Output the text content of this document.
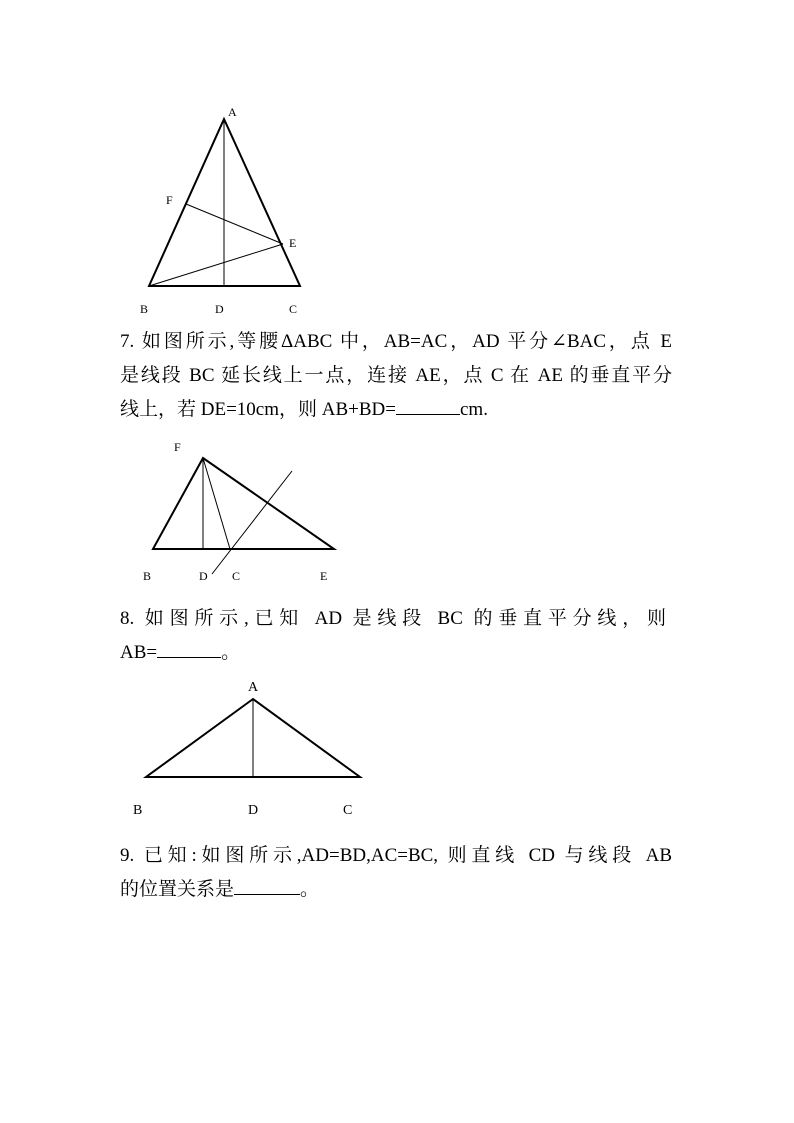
A
F
E
B	D	C
7. 如图所示,等腰ΔABC 中，AB=AC，AD 平分∠BAC，点 E
是线段 BC 延长线上一点，连接 AE，点 C 在 AE 的垂直平分
线上，若 DE=10cm，则 AB+BD=	cm.
F
B	D C	E
8. 如图所示,已知 AD 是线段 BC 的垂直平分线，则
AB=	。
A
B	D	C
9. 已知:如图所示,AD=BD,AC=BC, 则直线 CD 与线段 AB
的位置关系是	。
